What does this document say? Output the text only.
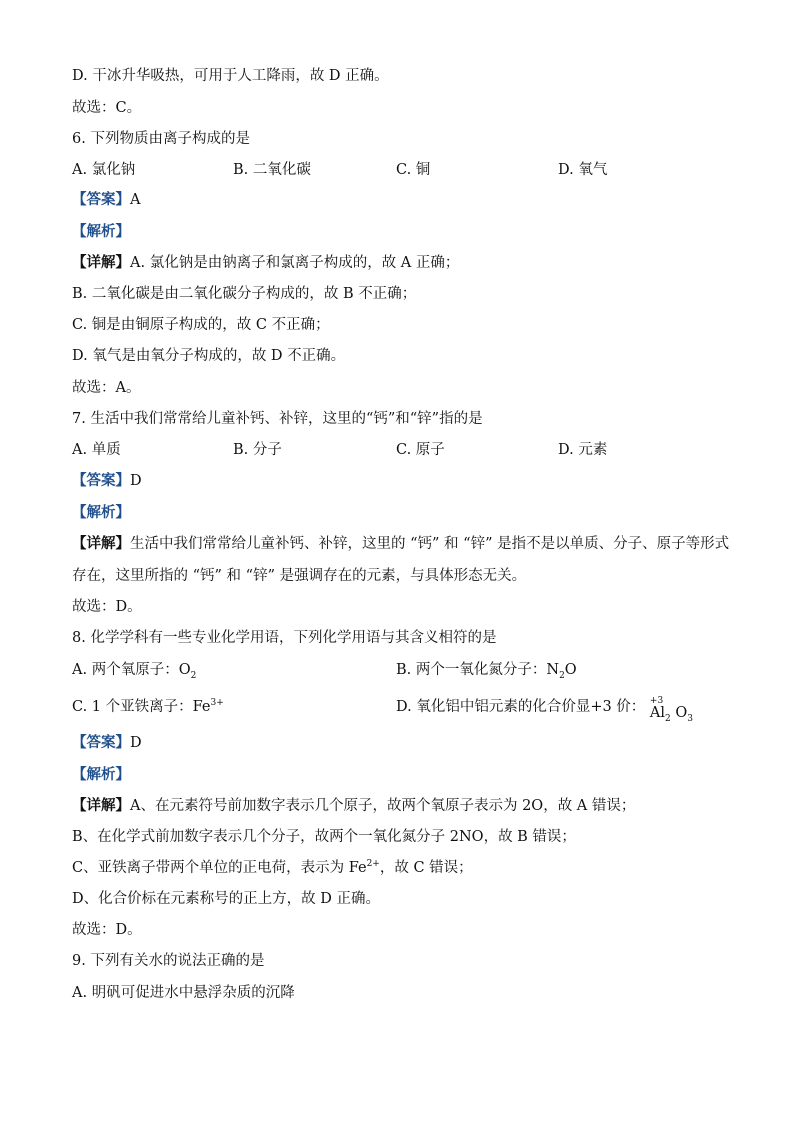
D. 干冰升华吸热，可用于人工降雨，故 D 正确。
故选：C。
6. 下列物质由离子构成的是
A. 氯化钠	B. 二氧化碳	C. 铜	D. 氧气
【答案】A
【解析】
【详解】A. 氯化钠是由钠离子和氯离子构成的，故 A 正确；
B. 二氧化碳是由二氧化碳分子构成的，故 B 不正确；
C. 铜是由铜原子构成的，故 C 不正确；
D. 氧气是由氧分子构成的，故 D 不正确。
故选：A。
7. 生活中我们常常给儿童补钙、补锌，这里的“钙”和“锌”指的是
A. 单质	B. 分子	C. 原子	D. 元素
【答案】D
【解析】
【详解】生活中我们常常给儿童补钙、补锌，这里的 “钙” 和 “锌” 是指不是以单质、分子、原子等形式
存在，这里所指的 “钙” 和 “锌” 是强调存在的元素，与具体形态无关。
故选：D。
8. 化学学科有一些专业化学用语，下列化学用语与其含义相符的是
A. 两个氧原子：$O_2$	B. 两个一氧化氮分子：$N_2O$
C. 1 个亚铁离子：$Fe^{3+}$	D. 氧化铝中铝元素的化合价显+3 价： +3
$Al_2$ $O_3$
【答案】D
【解析】
【详解】A、在元素符号前加数字表示几个原子，故两个氧原子表示为 2O，故 A 错误；
B、在化学式前加数字表示几个分子，故两个一氧化氮分子 2NO，故 B 错误；
C、亚铁离子带两个单位的正电荷，表示为 $Fe^{2+}$，故 C 错误；
D、化合价标在元素称号的正上方，故 D 正确。
故选：D。
9. 下列有关水的说法正确的是
A. 明矾可促进水中悬浮杂质的沉降
